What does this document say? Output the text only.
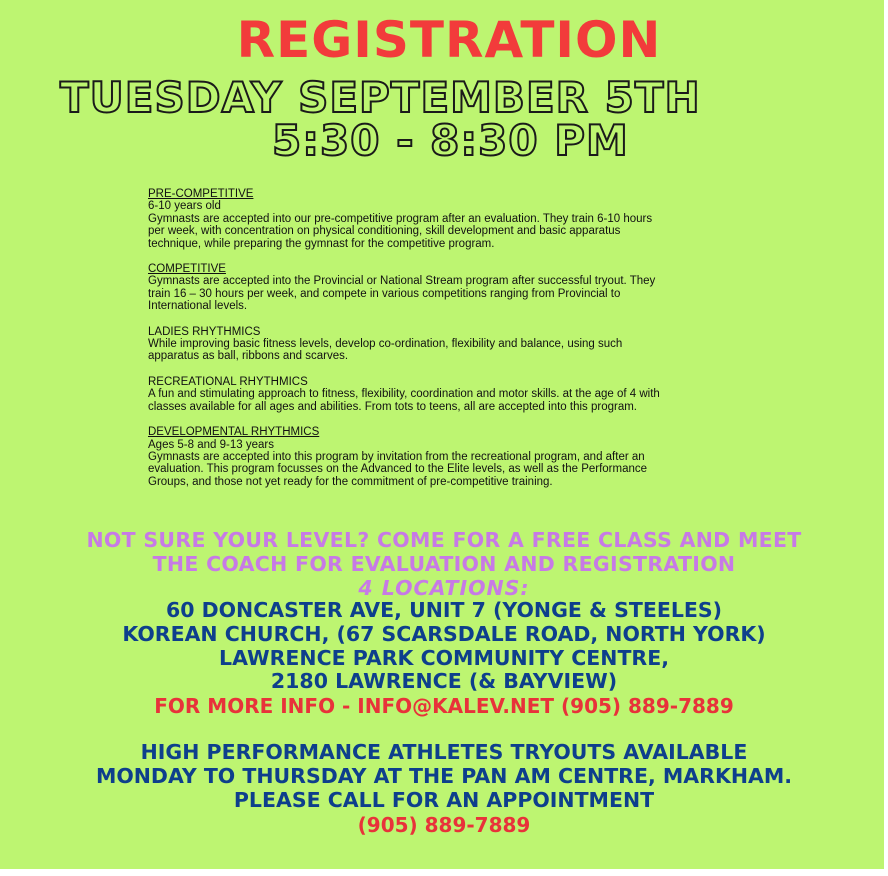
REGISTRATION
TUESDAY SEPTEMBER 5TH
5:30 - 8:30 PM
PRE-COMPETITIVE
6-10 years old
Gymnasts are accepted into our pre-competitive program after an evaluation. They train 6-10 hours
per week, with concentration on physical conditioning, skill development and basic apparatus
technique, while preparing the gymnast for the competitive program.
COMPETITIVE
Gymnasts are accepted into the Provincial or National Stream program after successful tryout. They
train 16 – 30 hours per week, and compete in various competitions ranging from Provincial to
International levels.
LADIES RHYTHMICS
While improving basic fitness levels, develop co-ordination, flexibility and balance, using such
apparatus as ball, ribbons and scarves.
RECREATIONAL RHYTHMICS
A fun and stimulating approach to fitness, flexibility, coordination and motor skills. at the age of 4 with
classes available for all ages and abilities. From tots to teens, all are accepted into this program.
DEVELOPMENTAL RHYTHMICS
Ages 5-8 and 9-13 years
Gymnasts are accepted into this program by invitation from the recreational program, and after an
evaluation. This program focusses on the Advanced to the Elite levels, as well as the Performance
Groups, and those not yet ready for the commitment of pre-competitive training.
NOT SURE YOUR LEVEL? COME FOR A FREE CLASS AND MEET
THE COACH FOR EVALUATION AND REGISTRATION
4 LOCATIONS:
60 DONCASTER AVE, UNIT 7 (YONGE & STEELES)
KOREAN CHURCH, (67 SCARSDALE ROAD, NORTH YORK)
LAWRENCE PARK COMMUNITY CENTRE,
2180 LAWRENCE (& BAYVIEW)
FOR MORE INFO - INFO@KALEV.NET (905) 889-7889
HIGH PERFORMANCE ATHLETES TRYOUTS AVAILABLE
MONDAY TO THURSDAY AT THE PAN AM CENTRE, MARKHAM.
PLEASE CALL FOR AN APPOINTMENT
(905) 889-7889
